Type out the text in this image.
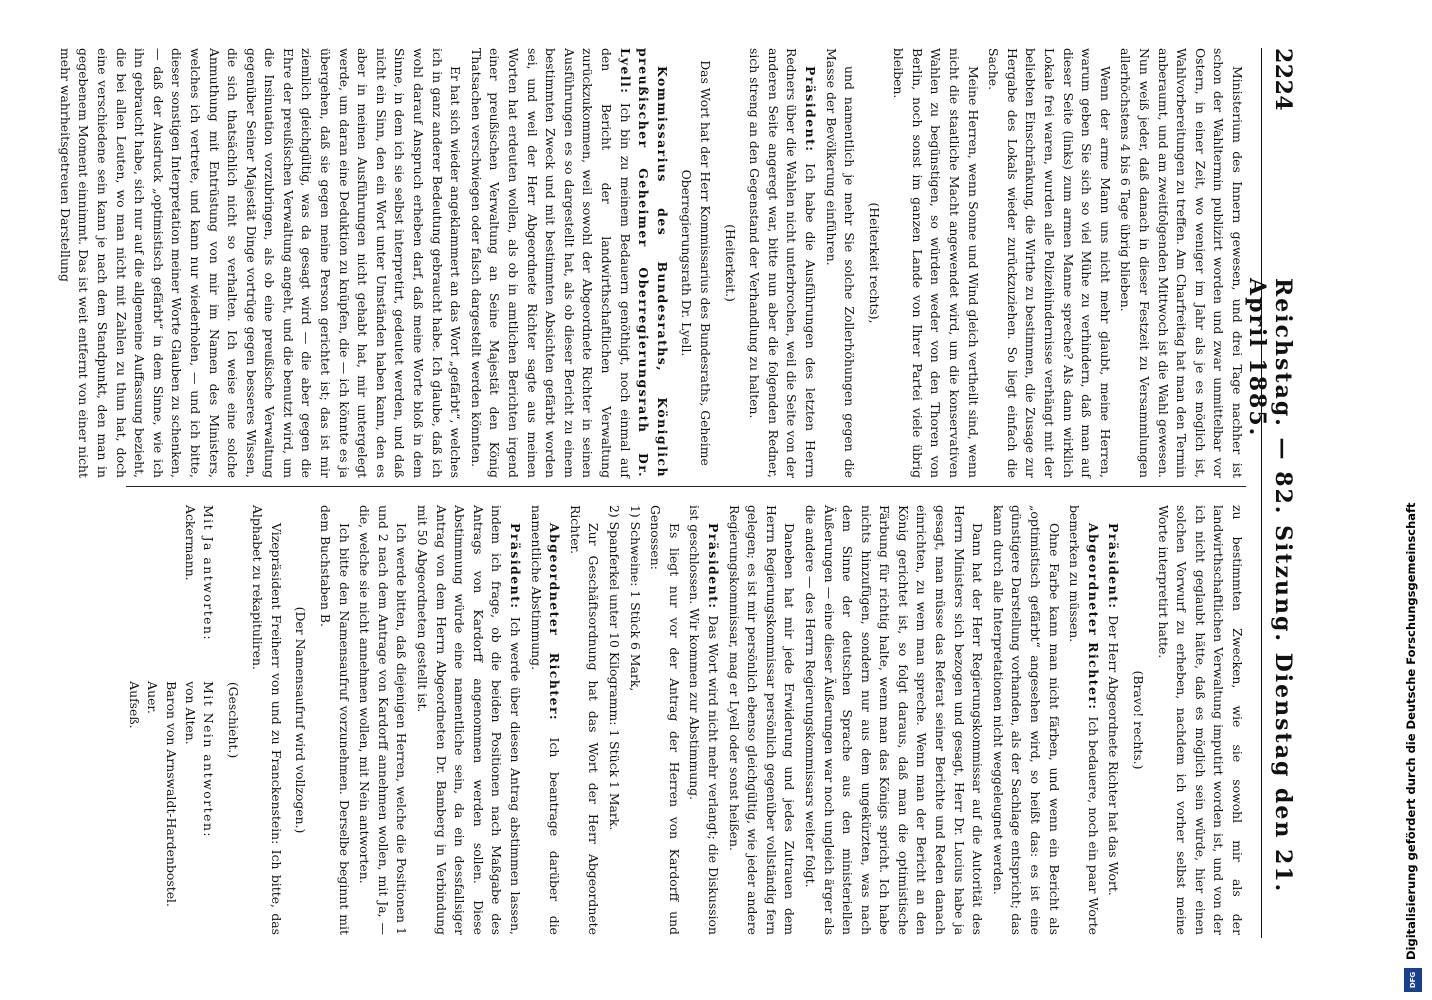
2224
Reichstag. — 82. Sitzung. Dienstag den 21. April 1885.

Ministerium des Innern gewesen, und drei Tage nachher ist schon der Wahltermin publizirt worden und zwar unmittelbar vor Ostern, in einer Zeit, wo weniger im Jahr als je es möglich ist, Wahlvorbereitungen zu treffen. Am Charfreitag hat man den Termin anberaumt, und am zweitfolgenden Mittwoch ist die Wahl gewesen. Nun weiß jeder, daß danach in dieser Festzeit zu Versammlungen allerhöchstens 4 bis 6 Tage übrig blieben.

Wenn der arme Mann uns nicht mehr glaubt, meine Herren, warum geben Sie sich so viel Mühe zu verhindern, daß man auf dieser Seite (links) zum armen Manne spreche? Als dann wirklich Lokale frei waren, wurden alle Polizeihindernisse verhängt mit der beliebten Einschränkung, die Wirthe zu bestimmen, die Zusage zur Hergabe des Lokals wieder zurückzuziehen. So liegt einfach die Sache.

Meine Herren, wenn Sonne und Wind gleich vertheilt sind, wenn nicht die staatliche Macht angewendet wird, um die konservativen Wahlen zu begünstigen, so würden weder von den Thoren von Berlin, noch sonst im ganzen Lande von Ihrer Partei viele übrig bleiben.

(Heiterkeit rechts),

und namentlich je mehr Sie solche Zollerhöhungen gegen die Masse der Bevölkerung einführen.

Präsident: Ich habe die Ausführungen des letzten Herrn Redners über die Wahlen nicht unterbrochen, weil die Seite von der anderen Seite angeregt war, bitte nun aber die folgenden Redner, sich streng an den Gegenstand der Verhandlung zu halten.

(Heiterkeit.)

Das Wort hat der Herr Kommissarius des Bundesraths, Geheime Oberregierungsrath Dr. Lyell.

Kommissarius des Bundesraths, Königlich preußischer Geheimer Oberregierungsrath Dr. Lyell: Ich bin zu meinem Bedauern genöthigt, noch einmal auf den Bericht der landwirthschaftlichen Verwaltung zurückzukommen, weil sowohl der Abgeordnete Richter in seinen Ausführungen es so dargestellt hat, als ob dieser Bericht zu einem bestimmten Zweck und mit bestimmten Absichten gefärbt worden sei, und weil der Herr Abgeordnete Richter sagte aus meinen Worten hat erdeuten wollen, als ob in amtlichen Berichten irgend einer preußischen Verwaltung an Seine Majestät den König Thatsachen verschwiegen oder falsch dargestellt werden könnten.

Er hat sich wieder angeklammert an das Wort „gefärbt“, welches ich in ganz anderer Bedeutung gebraucht habe. Ich glaube, daß ich wohl darauf Anspruch erheben darf, daß meine Worte bloß in dem Sinne, in dem ich sie selbst interpretirt, gedeutet werden, und daß nicht ein Sinn, den ein Wort unter Umständen haben kann, den es aber in meinen Ausführungen nicht gehabt hat, mir untergelegt werde, um daran eine Deduktion zu knüpfen, die — ich könnte es ja übergehen, daß sie gegen meine Person gerichtet ist; das ist mir ziemlich gleichgültig, was da gesagt wird — die aber gegen die Ehre der preußischen Verwaltung angeht, und die benutzt wird, um die Insinuation vorzubringen, als ob eine preußische Verwaltung gegenüber Seiner Majestät Dinge vortrüge gegen besseres Wissen, die sich thatsächlich nicht so verhalten. Ich weise eine solche Anmuthung mit Entrüstung von mir im Namen des Ministers, welches ich vertrete, und kann nur wiederholen, — und ich bitte, dieser sonstigen Interpretation meiner Worte Glauben zu schenken, — daß der Ausdruck „optimistisch gefärbt“ in dem Sinne, wie ich ihn gebraucht habe, sich nur auf die allgemeine Auffassung bezieht, die bei allen Leuten, wo man nicht mit Zahlen zu thun hat, doch eine verschiedene sein kann je nach dem Standpunkt, den man in gegebenem Moment einnimmt. Das ist weit entfernt von einer nicht mehr wahrheitsgetreuen Darstellung

zu bestimmten Zwecken, wie sie sowohl mir als der landwirthschaftlichen Verwaltung imputirt worden ist, und von der ich nicht geglaubt hätte, daß es möglich sein würde, hier einen solchen Vorwurf zu erheben, nachdem ich vorher selbst meine Worte interpretirt hatte.

(Bravo! rechts.)

Präsident: Der Herr Abgeordnete Richter hat das Wort.

Abgeordneter Richter: Ich bedauere, noch ein paar Worte bemerken zu müssen.

Ohne Farbe kann man nicht färben, und wenn ein Bericht als „optimistisch gefärbt“ angesehen wird, so heißt das: es ist eine günstigere Darstellung vorhanden, als der Sachlage entspricht; das kann durch alle Interpretationen nicht weggeleugnet werden.

Dann hat der Herr Regierungskommissar auf die Autorität des Herrn Ministers sich bezogen und gesagt, Herr Dr. Lucius habe ja gesagt, man müsse das Referat seiner Berichte und Reden danach einrichten, zu wem man spreche. Wenn man der Bericht an den König gerichtet ist, so folgt daraus, daß man die optimistische Färbung für richtig halte, wenn man das Königs spricht. Ich habe nichts hinzufügen, sondern nur aus dem ungekürzten, was nach dem Sinne der deutschen Sprache aus den ministeriellen Äußerungen — eine dieser Äußerungen war noch ungleich ärger als die andere — des Herrn Regierungskommissars weiter folgt.

Daneben hat mir jede Erwiderung und jedes Zutrauen dem Herrn Regierungskommissar persönlich gegenüber vollständig fern gelegen; es ist mir persönlich ebenso gleichgültig, wie jeder andere Regierungskommissar, mag er Lyell oder sonst heißen.

Präsident: Das Wort wird nicht mehr verlangt; die Diskussion ist geschlossen. Wir kommen zur Abstimmung.

Es liegt nur vor der Antrag der Herren von Kardorff und Genossen:

1) Schweine: 1 Stück 6 Mark,

2) Spanferkel unter 10 Kilogramm: 1 Stück 1 Mark.

Zur Geschäftsordnung hat das Wort der Herr Abgeordnete Richter.

Abgeordneter Richter: Ich beantrage darüber die namentliche Abstimmung.

Präsident: Ich werde über diesen Antrag abstimmen lassen, indem ich frage, ob die beiden Positionen nach Maßgabe des Antrags von Kardorff angenommen werden sollen. Diese Abstimmung würde eine namentliche sein, da ein dessfallsiger Antrag von dem Herrn Abgeordneten Dr. Bamberg in Verbindung mit 50 Abgeordneten gestellt ist.

Ich werde bitten, daß diejenigen Herren, welche die Positionen 1 und 2 nach dem Antrage von Kardorff annehmen wollen, mit Ja, — die, welche sie nicht annehmen wollen, mit Nein antworten.

Ich bitte den Namensaufruf vorzunehmen. Derselbe beginnt mit dem Buchstaben B.

(Der Namensaufruf wird vollzogen.)

Vizepräsident Freiherr von und zu Franckenstein: Ich bitte, das Alphabet zu rekapituliren.

(Geschieht.)

Mit Ja antworten:

Ackermann.

Mit Nein antworten:

von Alten.

Baron von Arnswaldt-Hardenbostel.

Auer.

Aufseß.	Digitalisierung gefördert durch die Deutsche Forschungsgemeinschaft
DFG
